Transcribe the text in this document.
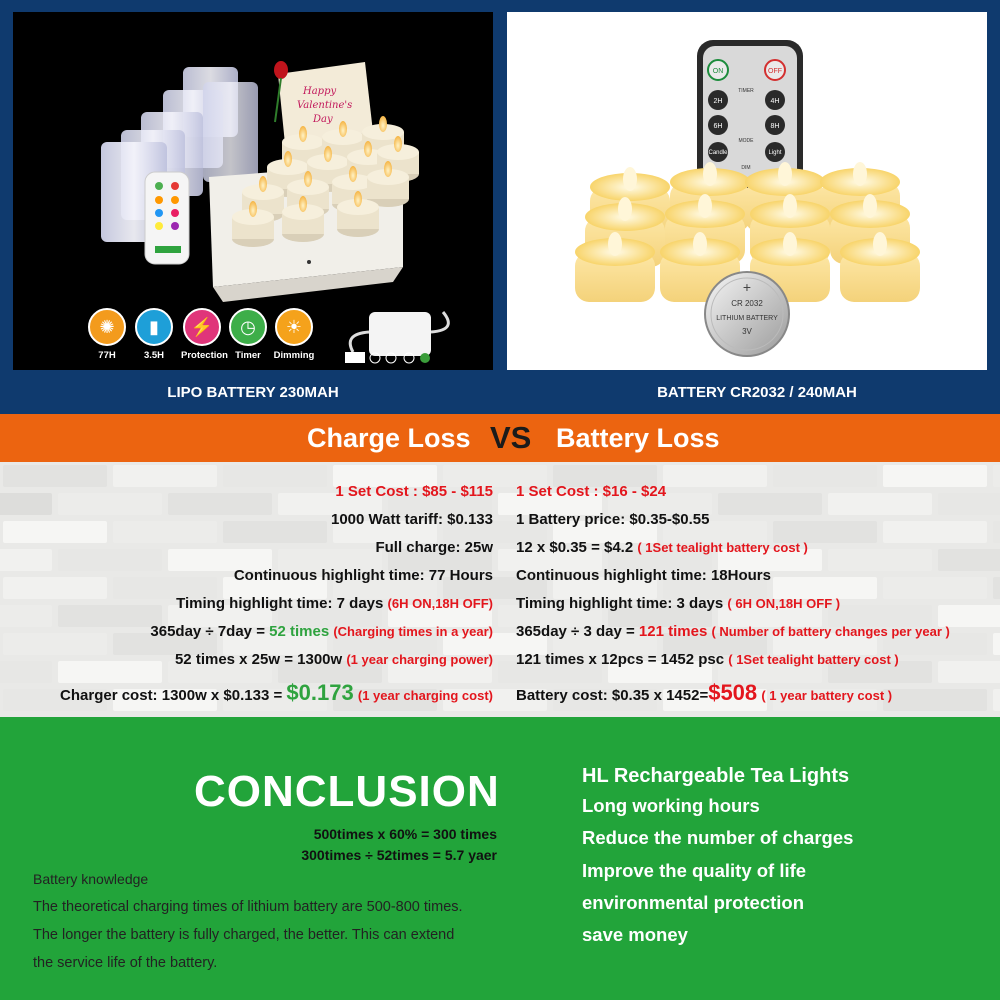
Happy
Valentine's
Day
✺
77H
▮
3.5H
⚡
Protection
◷
Timer
☀
Dimming
ON	OFF
TIMER
2H	4H
6H	8H
MODE
Candle	Light
DIM
+
CR 2032
LITHIUM BATTERY
3V
LIPO BATTERY 230MAH	BATTERY CR2032 / 240MAH
Charge Loss VS Battery Loss
1 Set Cost : $85 - $115
1000 Watt tariff: $0.133
Full charge: 25w
Continuous highlight time: 77 Hours
Timing highlight time: 7 days (6H ON,18H OFF)
365day ÷ 7day = 52 times (Charging times in a year)
52 times x 25w = 1300w (1 year charging power)
Charger cost: 1300w x $0.133 = $0.173 (1 year charging cost)
1 Set Cost : $16 - $24
1 Battery price: $0.35-$0.55
12 x $0.35 = $4.2 ( 1Set tealight battery cost )
Continuous highlight time: 18Hours
Timing highlight time: 3 days ( 6H ON,18H OFF )
365day ÷ 3 day = 121 times ( Number of battery changes per year )
121 times x 12pcs = 1452 psc ( 1Set tealight battery cost )
Battery cost: $0.35 x 1452=$508 ( 1 year battery cost )
CONCLUSION
500times x 60% = 300 times
300times ÷ 52times = 5.7 yaer
Battery knowledge
The theoretical charging times of lithium battery are 500-800 times.
The longer the battery is fully charged, the better. This can extend
the service life of the battery.
HL Rechargeable Tea Lights
Long working hours
Reduce the number of charges
Improve the quality of life
environmental protection
save money
